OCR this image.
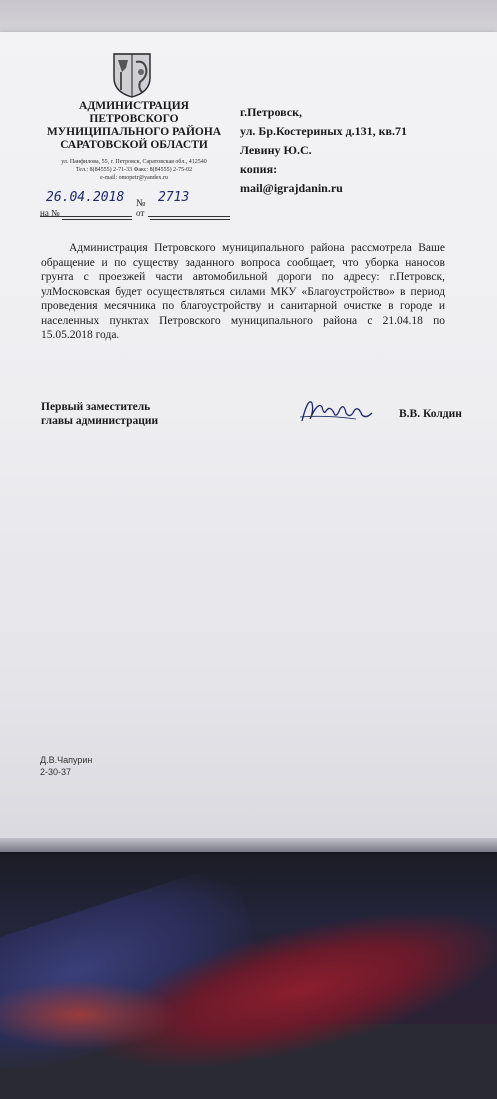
АДМИНИСТРАЦИЯ
ПЕТРОВСКОГО
МУНИЦИПАЛЬНОГО РАЙОНА
САРАТОВСКОЙ ОБЛАСТИ
ул. Панфилова, 55, г. Петровск, Саратовская обл., 412540
Тел.: 8(84555) 2-71-33 Факс: 8(84555) 2-75-02
e-mail: omopetr@yandex.ru
26.04.2018 № 2713
на №	от
г.Петровск,
ул. Бр.Костериных д.131, кв.71
Левину Ю.С.
копия:
mail@igrajdanin.ru
Администрация Петровского муниципального района рассмотрела Ваше обращение и по существу заданного вопроса сообщает, что уборка наносов грунта с проезжей части автомобильной дороги по адресу: г.Петровск, улМосковская будет осуществляться силами МКУ «Благоустройство» в период проведения месячника по благоустройству и санитарной очистке в городе и населенных пунктах Петровского муниципального района с 21.04.18 по 15.05.2018 года.
Первый заместитель
главы администрации
В.В. Колдин
Д.В.Чапурин
2-30-37
